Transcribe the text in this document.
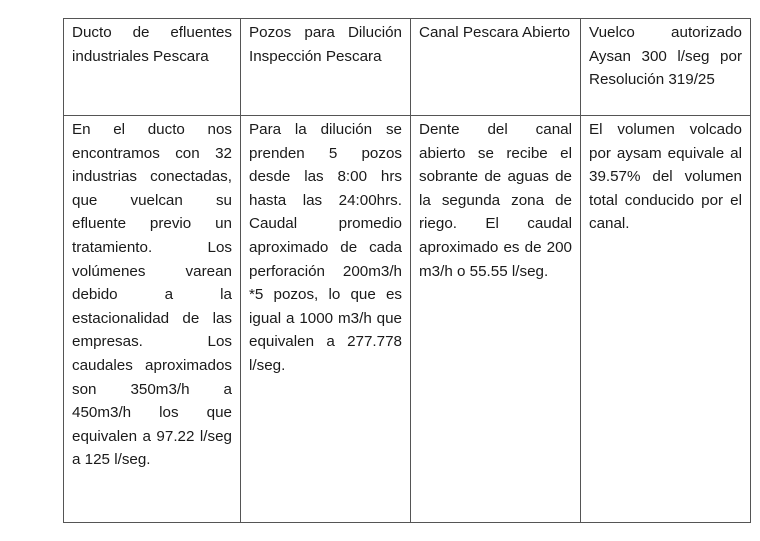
Ducto de efluentes industriales Pescara	Pozos para Dilución Inspección Pescara	Canal Pescara Abierto	Vuelco autorizado Aysan 300 l/seg por Resolución 319/25

En el ducto nos encontramos con 32 industrias conectadas, que vuelcan su efluente previo un tratamiento. Los volúmenes varean debido a la estacionalidad de las empresas. Los caudales aproximados son 350m3/h a 450m3/h los que equivalen a 97.22 l/seg a 125 l/seg.	Para la dilución se prenden 5 pozos desde las 8:00 hrs hasta las 24:00hrs. Caudal promedio aproximado de cada perforación 200m3/h *5 pozos, lo que es igual a 1000 m3/h que equivalen a 277.778 l/seg.	Dente del canal abierto se recibe el sobrante de aguas de la segunda zona de riego. El caudal aproximado es de 200 m3/h o 55.55 l/seg.	El volumen volcado por aysam equivale al 39.57% del volumen total conducido por el canal.
